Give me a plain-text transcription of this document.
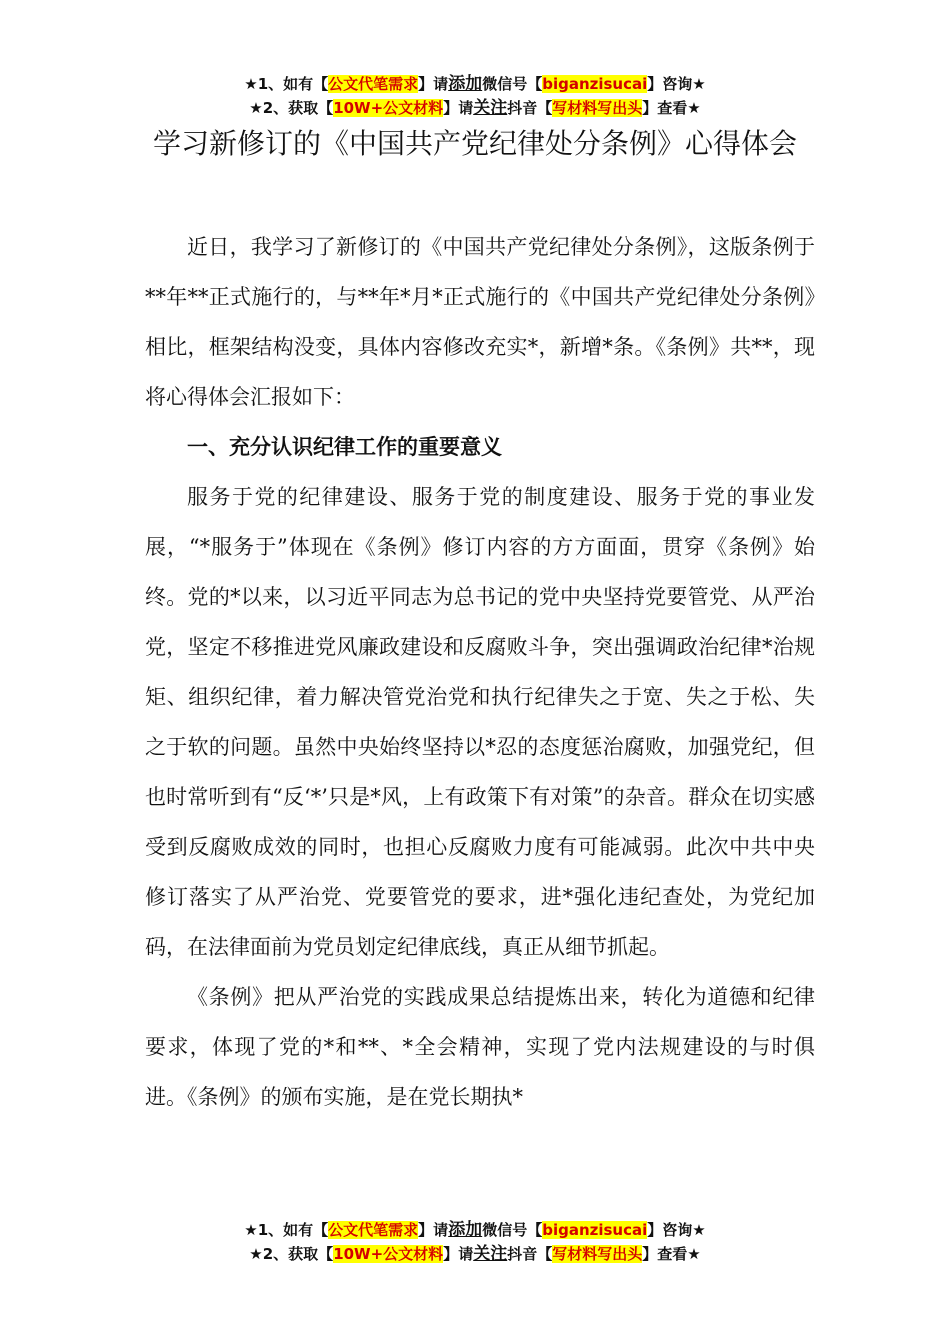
★1、如有【公文代笔需求】请添加微信号【biganzisucai】咨询★
★2、获取【10W+公文材料】请关注抖音【写材料写出头】查看★
学习新修订的《中国共产党纪律处分条例》心得体会

近日，我学习了新修订的《中国共产党纪律处分条例》，这版条例于**年**正式施行的，与**年*月*正式施行的《中国共产党纪律处分条例》相比，框架结构没变，具体内容修改充实*，新增*条。《条例》共**，现将心得体会汇报如下：

一、充分认识纪律工作的重要意义

服务于党的纪律建设、服务于党的制度建设、服务于党的事业发展，“*服务于”体现在《条例》修订内容的方方面面，贯穿《条例》始终。党的*以来，以习近平同志为总书记的党中央坚持党要管党、从严治党，坚定不移推进党风廉政建设和反腐败斗争，突出强调政治纪律*治规矩、组织纪律，着力解决管党治党和执行纪律失之于宽、失之于松、失之于软的问题。虽然中央始终坚持以*忍的态度惩治腐败，加强党纪，但也时常听到有“反‘*’只是*风，上有政策下有对策”的杂音。群众在切实感受到反腐败成效的同时，也担心反腐败力度有可能减弱。此次中共中央修订落实了从严治党、党要管党的要求，进*强化违纪查处，为党纪加码，在法律面前为党员划定纪律底线，真正从细节抓起。

《条例》把从严治党的实践成果总结提炼出来，转化为道德和纪律要求，体现了党的*和**、*全会精神，实现了党内法规建设的与时俱进。《条例》的颁布实施，是在党长期执*

★1、如有【公文代笔需求】请添加微信号【biganzisucai】咨询★
★2、获取【10W+公文材料】请关注抖音【写材料写出头】查看★
